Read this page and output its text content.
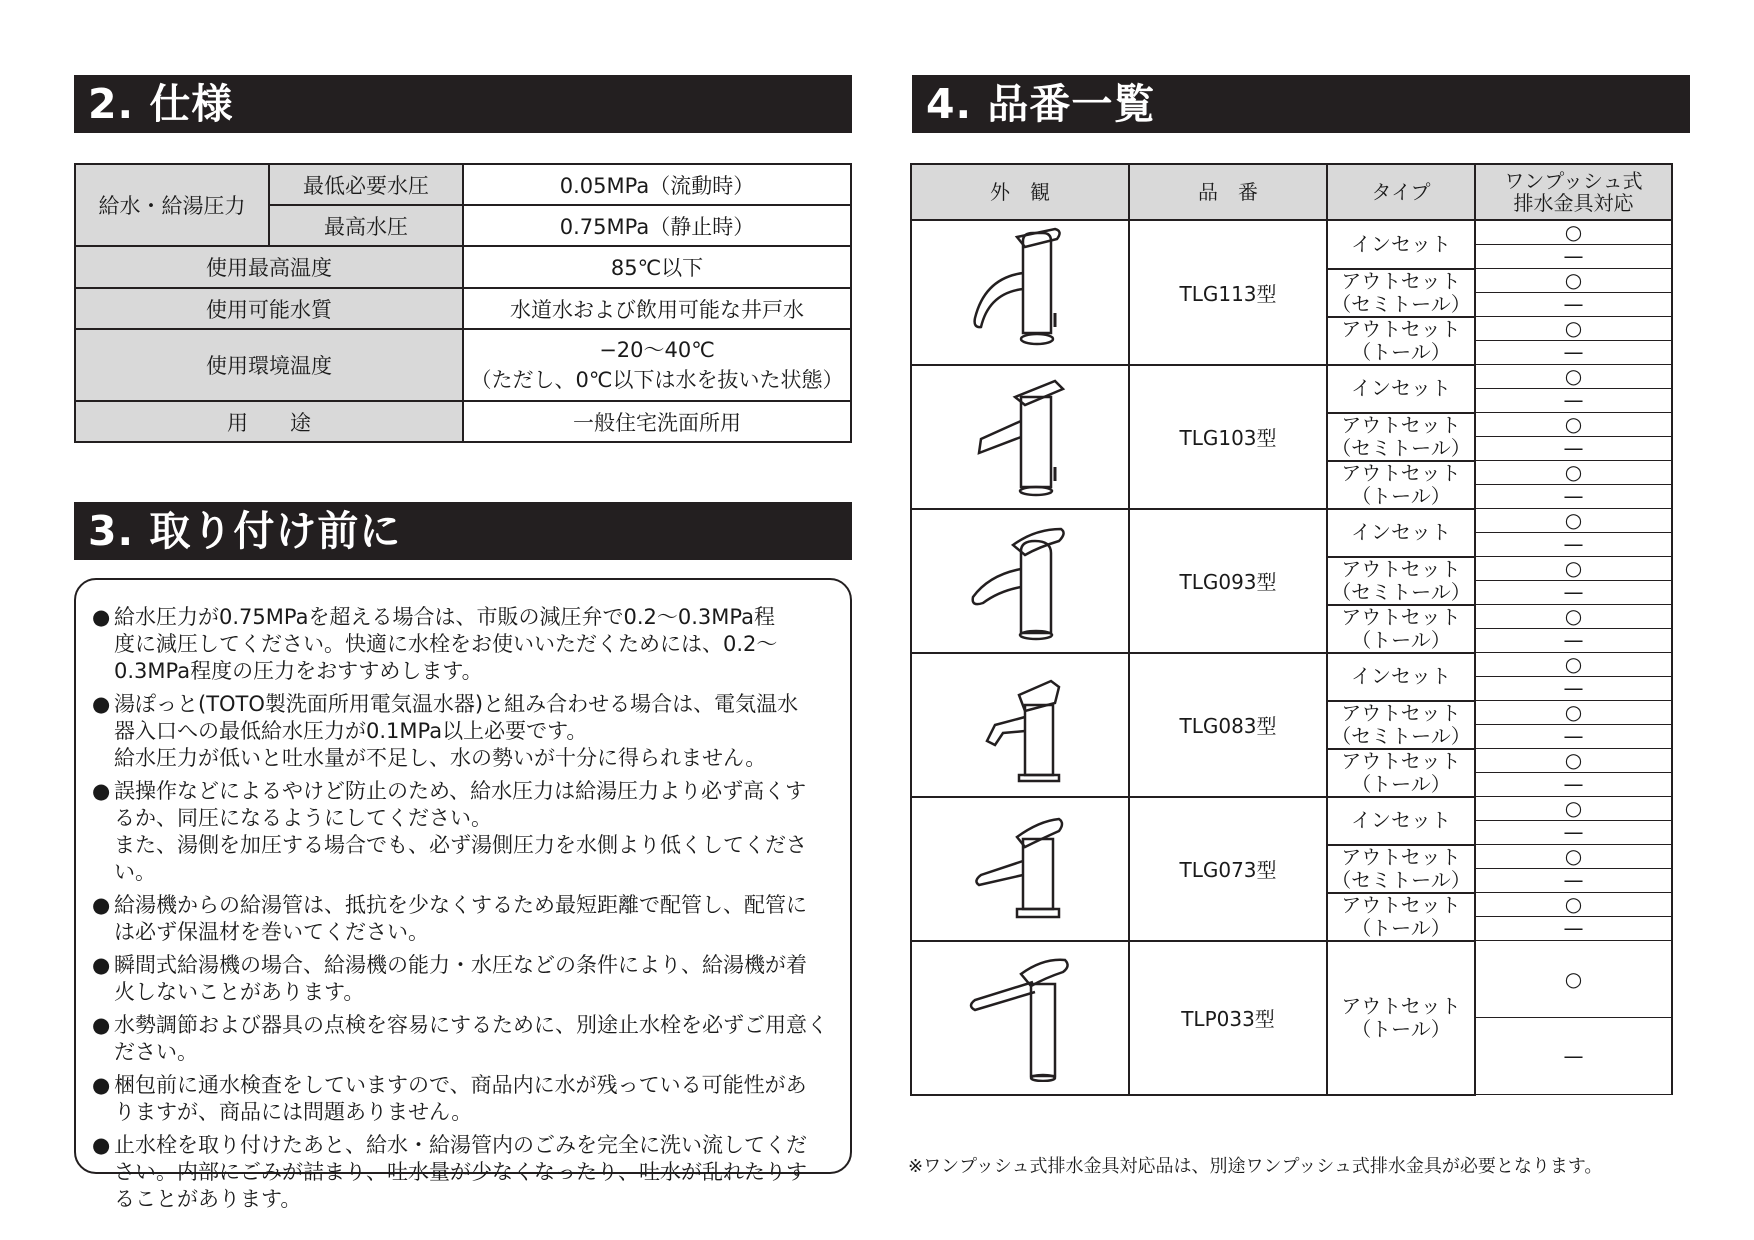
2. 仕様
3. 取り付け前に
4. 品番一覧
給水・給湯圧力	最低必要水圧	0.05MPa（流動時）
	最高水圧	0.75MPa（静止時）
使用最高温度		85℃以下
使用可能水質		水道水および飲用可能な井戸水
使用環境温度		−20〜40℃
（ただし、0℃以下は水を抜いた状態）

用　　途		一般住宅洗面所用
● 給水圧力が0.75MPaを超える場合は、市販の減圧弁で0.2〜0.3MPa程

度に減圧してください。快適に水栓をお使いいただくためには、0.2〜

0.3MPa程度の圧力をおすすめします。

● 湯ぽっと(TOTO製洗面所用電気温水器)と組み合わせる場合は、電気温水

器入口への最低給水圧力が0.1MPa以上必要です。

給水圧力が低いと吐水量が不足し、水の勢いが十分に得られません。

● 誤操作などによるやけど防止のため、給水圧力は給湯圧力より必ず高くす

るか、同圧になるようにしてください。

また、湯側を加圧する場合でも、必ず湯側圧力を水側より低くしてください。

● 給湯機からの給湯管は、抵抗を少なくするため最短距離で配管し、配管に

は必ず保温材を巻いてください。

● 瞬間式給湯機の場合、給湯機の能力・水圧などの条件により、給湯機が着

火しないことがあります。

● 水勢調節および器具の点検を容易にするために、別途止水栓を必ずご用意ください。

● 梱包前に通水検査をしていますので、商品内に水が残っている可能性があ

りますが、商品には問題ありません。

● 止水栓を取り付けたあと、給水・給湯管内のごみを完全に洗い流してくだ

さい。内部にごみが詰まり、吐水量が少なくなったり、吐水が乱れたりす

ることがあります。

外　観	品　番	タイプ	ワンプッシュ式
排水金具対応

	TLG113型	インセット	○
			—

		アウトセット
（セミトール）	○
			—

		アウトセット
（トール）	○
			—
	TLG103型	インセット	○
			—

		アウトセット
（セミトール）	○
			—

		アウトセット
（トール）	○
			—
	TLG093型	インセット	○
			—

		アウトセット
（セミトール）	○
			—

		アウトセット
（トール）	○
			—
	TLG083型	インセット	○
			—

		アウトセット
（セミトール）	○
			—

		アウトセット
（トール）	○
			—
	TLG073型	インセット	○
			—

		アウトセット
（セミトール）	○
			—

		アウトセット
（トール）	○
			—
	TLP033型	アウトセット
（トール）	○
			—
※ワンプッシュ式排水金具対応品は、別途ワンプッシュ式排水金具が必要となります。
